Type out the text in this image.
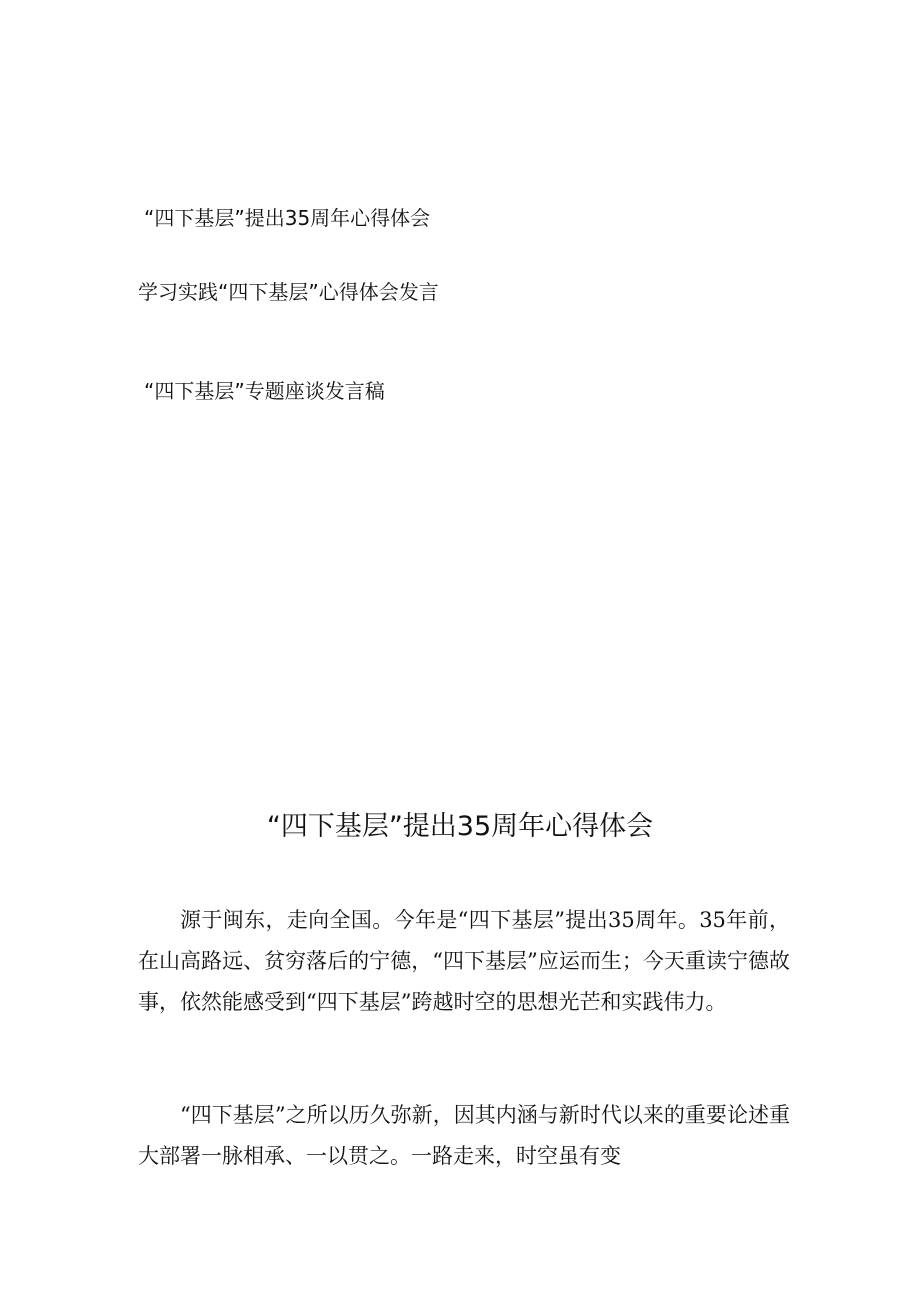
“四下基层”提出35周年心得体会
学习实践“四下基层”心得体会发言
“四下基层”专题座谈发言稿
“四下基层”提出35周年心得体会

源于闽东，走向全国。今年是“四下基层”提出35周年。35年前，在山高路远、贫穷落后的宁德，“四下基层”应运而生；今天重读宁德故事，依然能感受到“四下基层”跨越时空的思想光芒和实践伟力。

“四下基层”之所以历久弥新，因其内涵与新时代以来的重要论述重大部署一脉相承、一以贯之。一路走来，时空虽有变
